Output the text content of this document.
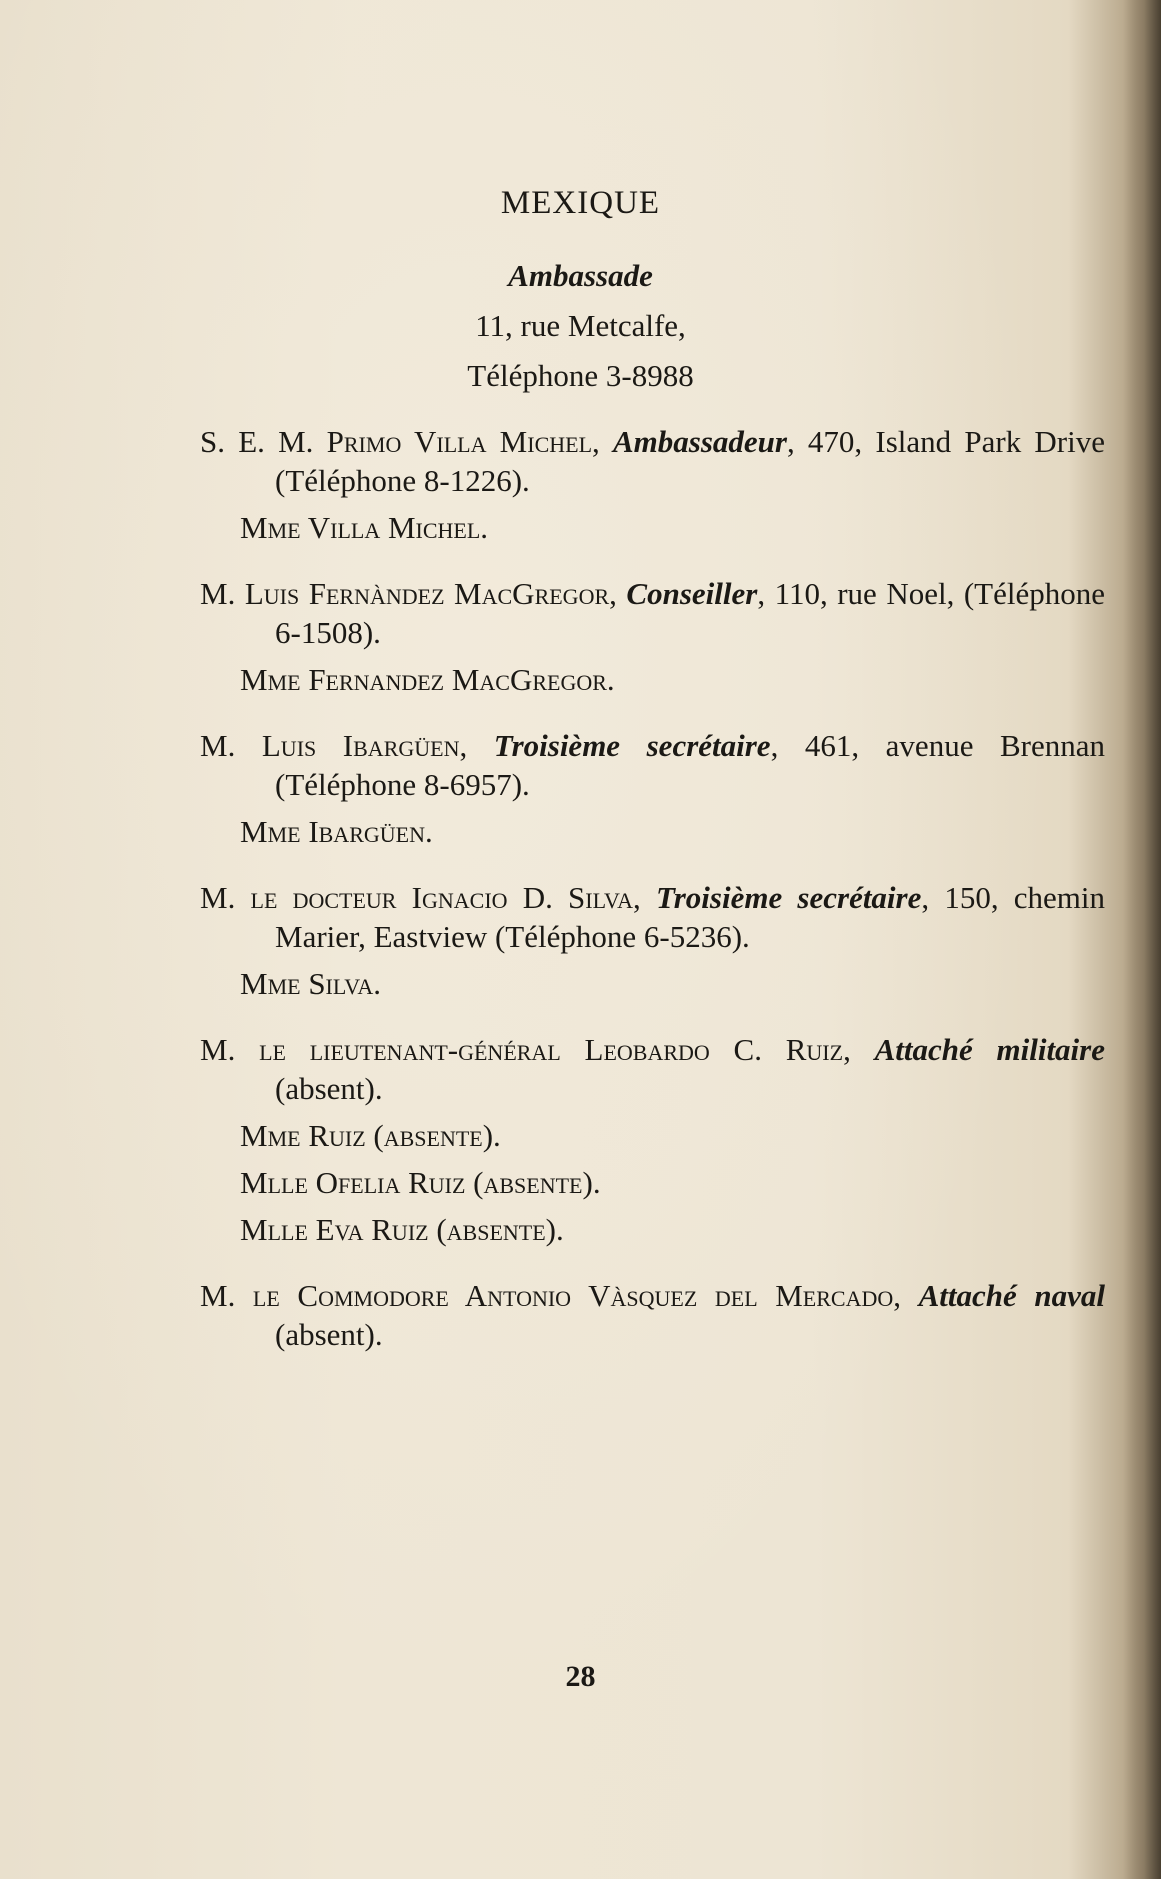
MEXIQUE
Ambassade
11, rue Metcalfe,
Téléphone 3-8988
S. E. M. Primo Villa Michel, Ambassadeur, 470, Island Park Drive (Téléphone 8-1226).
Mme Villa Michel.
M. Luis Fernàndez MacGregor, Conseiller, 110, rue Noel, (Téléphone 6-1508).
Mme Fernandez MacGregor.
M. Luis Ibargüen, Troisième secrétaire, 461, avenue Brennan (Téléphone 8-6957).
Mme Ibargüen.
M. le docteur Ignacio D. Silva, Troisième secrétaire, 150, chemin Marier, Eastview (Téléphone 6-5236).
Mme Silva.
M. le lieutenant-général Leobardo C. Ruiz, Attaché militaire (absent).
Mme Ruiz (absente).
Mlle Ofelia Ruiz (absente).
Mlle Eva Ruiz (absente).
M. le Commodore Antonio Vàsquez del Mercado, Attaché naval (absent).
28
